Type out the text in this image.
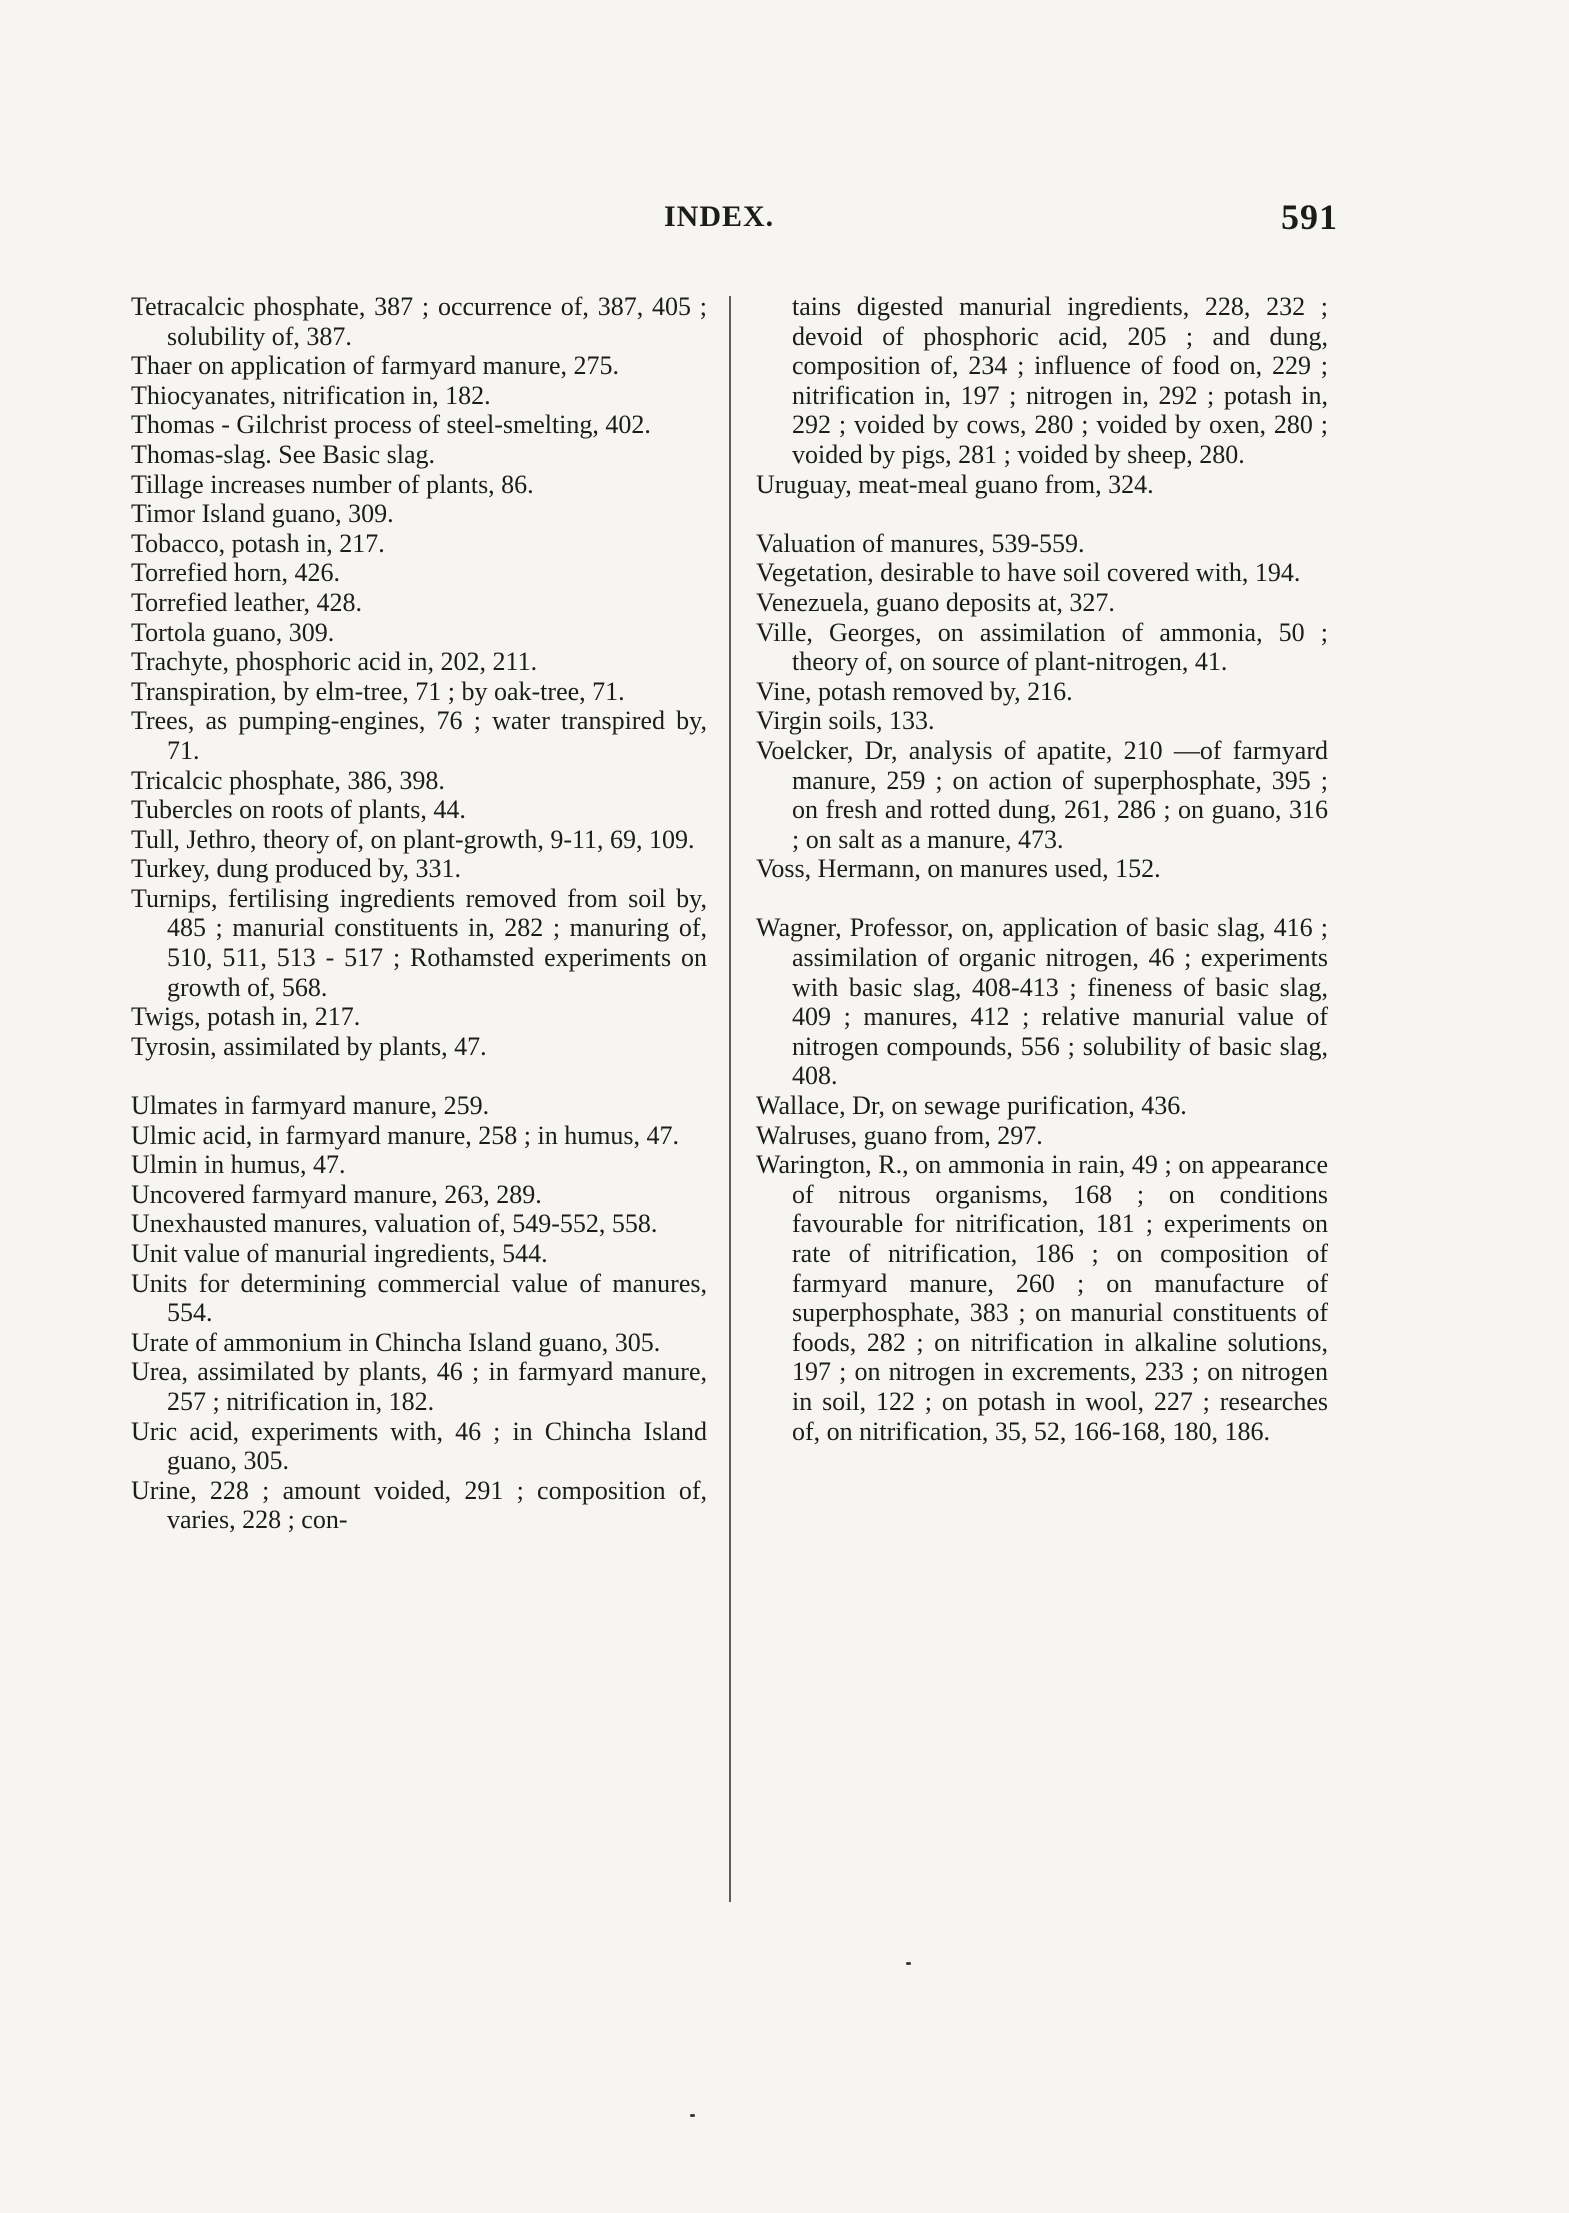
INDEX.	591

Tetracalcic phosphate, 387 ; occurrence of, 387, 405 ; solubility of, 387.

Thaer on application of farmyard manure, 275.

Thiocyanates, nitrification in, 182.

Thomas - Gilchrist process of steel-smelting, 402.

Thomas-slag. See Basic slag.

Tillage increases number of plants, 86.

Timor Island guano, 309.

Tobacco, potash in, 217.

Torrefied horn, 426.

Torrefied leather, 428.

Tortola guano, 309.

Trachyte, phosphoric acid in, 202, 211.

Transpiration, by elm-tree, 71 ; by oak-tree, 71.

Trees, as pumping-engines, 76 ; water transpired by, 71.

Tricalcic phosphate, 386, 398.

Tubercles on roots of plants, 44.

Tull, Jethro, theory of, on plant-growth, 9-11, 69, 109.

Turkey, dung produced by, 331.

Turnips, fertilising ingredients removed from soil by, 485 ; manurial constituents in, 282 ; manuring of, 510, 511, 513 - 517 ; Rothamsted experiments on growth of, 568.

Twigs, potash in, 217.

Tyrosin, assimilated by plants, 47.

Ulmates in farmyard manure, 259.

Ulmic acid, in farmyard manure, 258 ; in humus, 47.

Ulmin in humus, 47.

Uncovered farmyard manure, 263, 289.

Unexhausted manures, valuation of, 549-552, 558.

Unit value of manurial ingredients, 544.

Units for determining commercial value of manures, 554.

Urate of ammonium in Chincha Island guano, 305.

Urea, assimilated by plants, 46 ; in farmyard manure, 257 ; nitrification in, 182.

Uric acid, experiments with, 46 ; in Chincha Island guano, 305.

Urine, 228 ; amount voided, 291 ; composition of, varies, 228 ; con-

tains digested manurial ingredients, 228, 232 ; devoid of phosphoric acid, 205 ; and dung, composition of, 234 ; influence of food on, 229 ; nitrification in, 197 ; nitrogen in, 292 ; potash in, 292 ; voided by cows, 280 ; voided by oxen, 280 ; voided by pigs, 281 ; voided by sheep, 280.

Uruguay, meat-meal guano from, 324.

Valuation of manures, 539-559.

Vegetation, desirable to have soil covered with, 194.

Venezuela, guano deposits at, 327.

Ville, Georges, on assimilation of ammonia, 50 ; theory of, on source of plant-nitrogen, 41.

Vine, potash removed by, 216.

Virgin soils, 133.

Voelcker, Dr, analysis of apatite, 210 —of farmyard manure, 259 ; on action of superphosphate, 395 ; on fresh and rotted dung, 261, 286 ; on guano, 316 ; on salt as a manure, 473.

Voss, Hermann, on manures used, 152.

Wagner, Professor, on, application of basic slag, 416 ; assimilation of organic nitrogen, 46 ; experiments with basic slag, 408-413 ; fineness of basic slag, 409 ; manures, 412 ; relative manurial value of nitrogen compounds, 556 ; solubility of basic slag, 408.

Wallace, Dr, on sewage purification, 436.

Walruses, guano from, 297.

Warington, R., on ammonia in rain, 49 ; on appearance of nitrous organisms, 168 ; on conditions favourable for nitrification, 181 ; experiments on rate of nitrification, 186 ; on composition of farmyard manure, 260 ; on manufacture of superphosphate, 383 ; on manurial constituents of foods, 282 ; on nitrification in alkaline solutions, 197 ; on nitrogen in excrements, 233 ; on nitrogen in soil, 122 ; on potash in wool, 227 ; researches of, on nitrification, 35, 52, 166-168, 180, 186.
